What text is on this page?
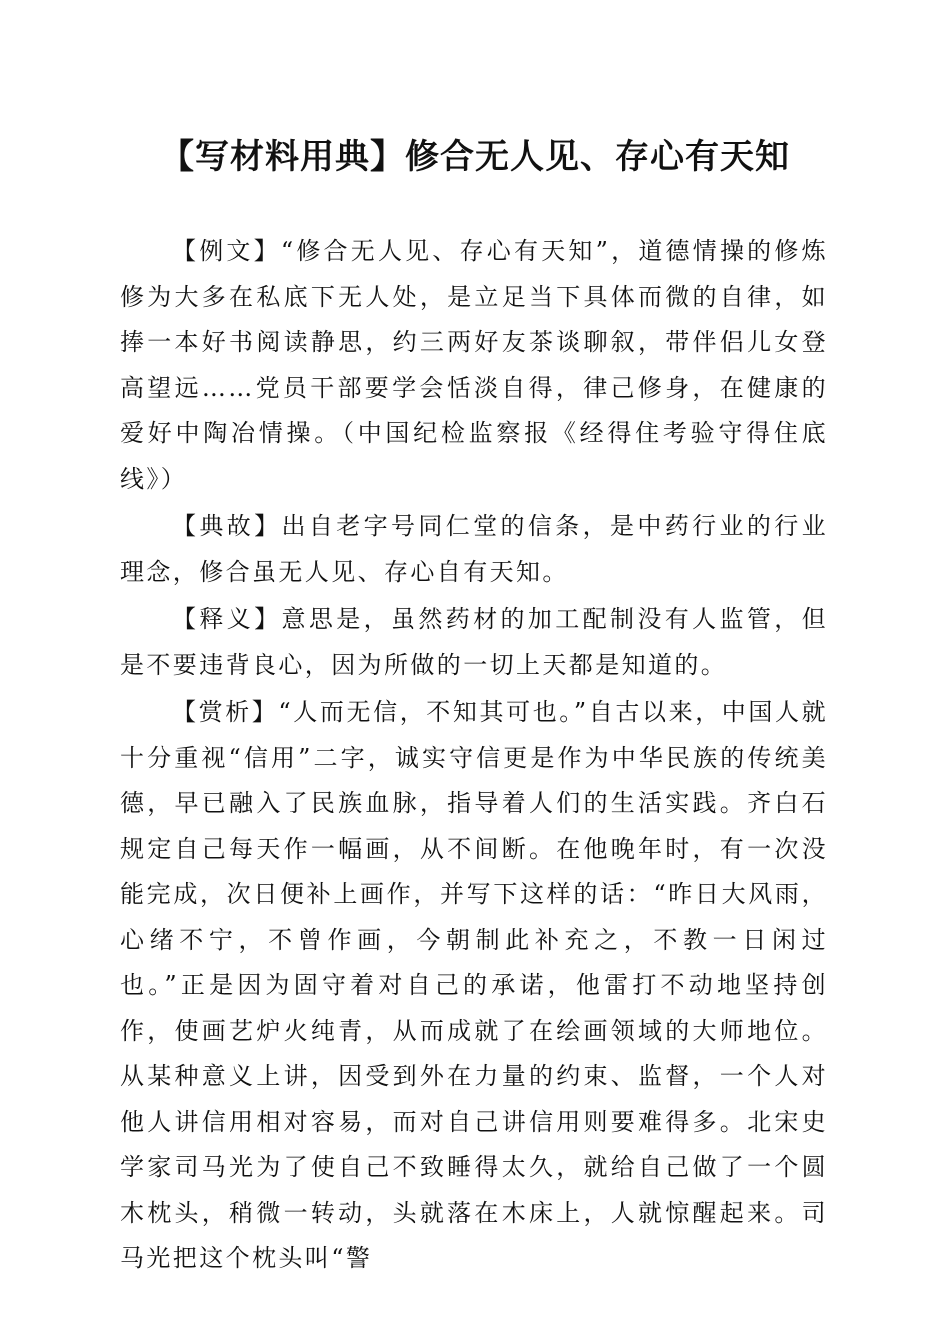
【写材料用典】修合无人见、存心有天知

【例文】“修合无人见、存心有天知”，道德情操的修炼修为大多在私底下无人处，是立足当下具体而微的自律，如捧一本好书阅读静思，约三两好友茶谈聊叙，带伴侣儿女登高望远……党员干部要学会恬淡自得，律己修身，在健康的爱好中陶冶情操。（中国纪检监察报《经得住考验守得住底线》）

【典故】出自老字号同仁堂的信条，是中药行业的行业理念，修合虽无人见、存心自有天知。

【释义】意思是，虽然药材的加工配制没有人监管，但是不要违背良心，因为所做的一切上天都是知道的。

【赏析】“人而无信，不知其可也。”自古以来，中国人就十分重视“信用”二字，诚实守信更是作为中华民族的传统美德，早已融入了民族血脉，指导着人们的生活实践。齐白石规定自己每天作一幅画，从不间断。在他晚年时，有一次没能完成，次日便补上画作，并写下这样的话：“昨日大风雨，心绪不宁，不曾作画，今朝制此补充之，不教一日闲过也。”正是因为固守着对自己的承诺，他雷打不动地坚持创作，使画艺炉火纯青，从而成就了在绘画领域的大师地位。从某种意义上讲，因受到外在力量的约束、监督，一个人对他人讲信用相对容易，而对自己讲信用则要难得多。北宋史学家司马光为了使自己不致睡得太久，就给自己做了一个圆木枕头，稍微一转动，头就落在木床上，人就惊醒起来。司马光把这个枕头叫“警
